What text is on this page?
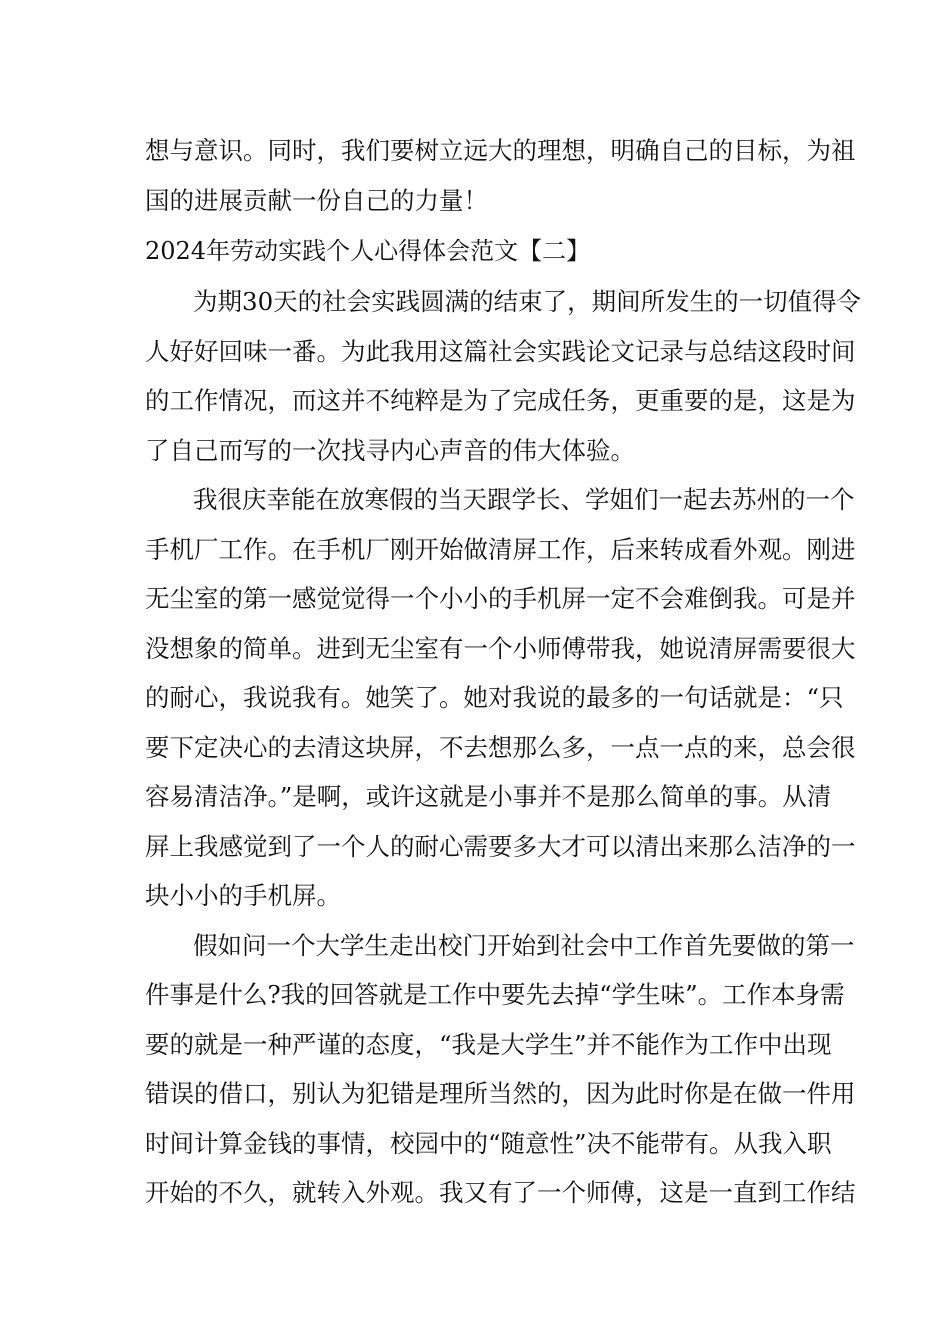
想与意识。同时，我们要树立远大的理想，明确自己的目标，为祖
国的进展贡献一份自己的力量！
2024年劳动实践个人心得体会范文【二】
为期30天的社会实践圆满的结束了，期间所发生的一切值得令
人好好回味一番。为此我用这篇社会实践论文记录与总结这段时间
的工作情况，而这并不纯粹是为了完成任务，更重要的是，这是为
了自己而写的一次找寻内心声音的伟大体验。
我很庆幸能在放寒假的当天跟学长、学姐们一起去苏州的一个
手机厂工作。在手机厂刚开始做清屏工作，后来转成看外观。刚进
无尘室的第一感觉觉得一个小小的手机屏一定不会难倒我。可是并
没想象的简单。进到无尘室有一个小师傅带我，她说清屏需要很大
的耐心，我说我有。她笑了。她对我说的最多的一句话就是：“只
要下定决心的去清这块屏，不去想那么多，一点一点的来，总会很
容易清洁净。”是啊，或许这就是小事并不是那么简单的事。从清
屏上我感觉到了一个人的耐心需要多大才可以清出来那么洁净的一
块小小的手机屏。
假如问一个大学生走出校门开始到社会中工作首先要做的第一
件事是什么?我的回答就是工作中要先去掉“学生味”。工作本身需
要的就是一种严谨的态度，“我是大学生”并不能作为工作中出现
错误的借口，别认为犯错是理所当然的，因为此时你是在做一件用
时间计算金钱的事情，校园中的“随意性”决不能带有。从我入职
开始的不久，就转入外观。我又有了一个师傅，这是一直到工作结
